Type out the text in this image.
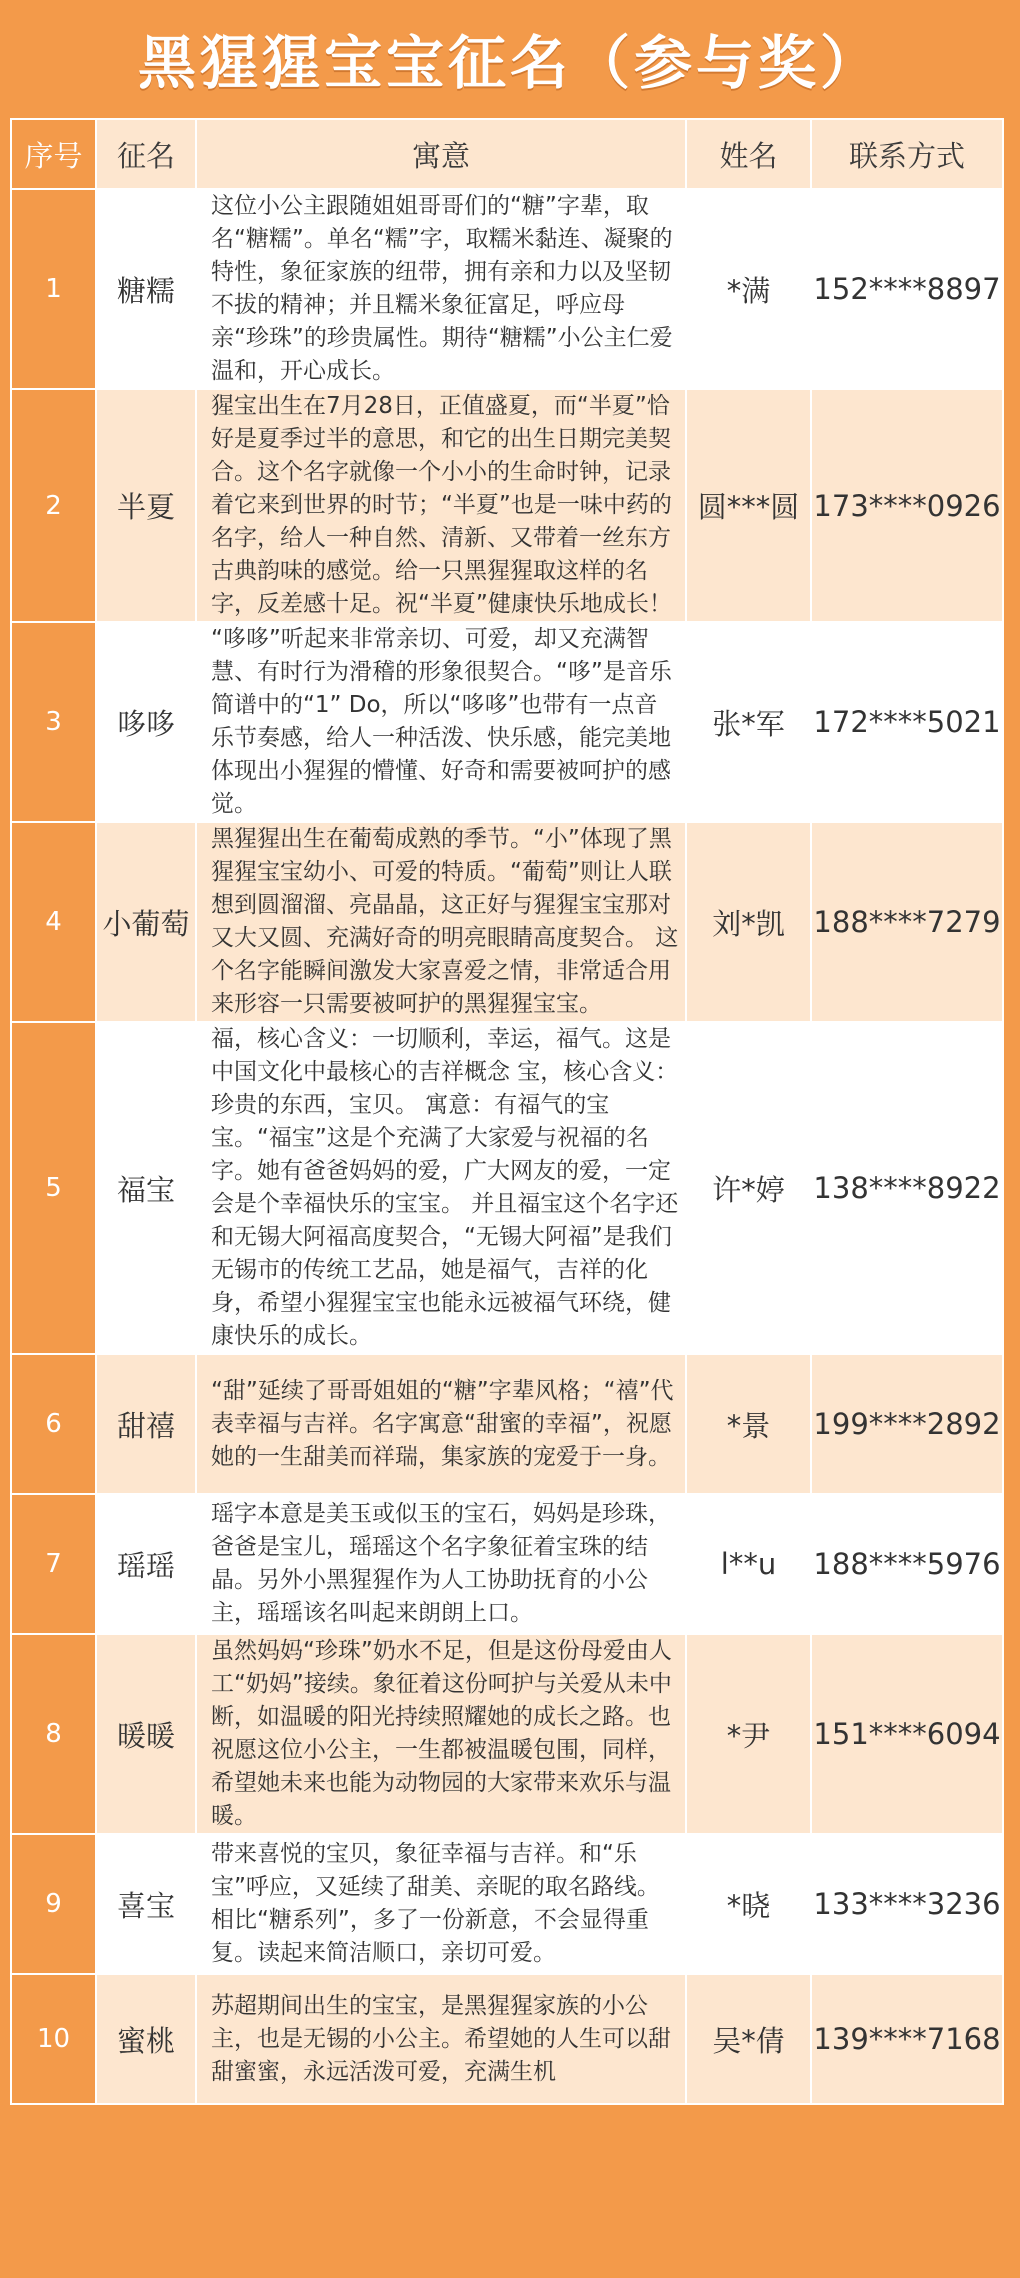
黑猩猩宝宝征名（参与奖）
序号	征名	寓意	姓名	联系方式
1	糖糯	这位小公主跟随姐姐哥哥们的“糖”字辈，取名“糖糯”。单名“糯”字，取糯米黏连、凝聚的特性，象征家族的纽带，拥有亲和力以及坚韧不拔的精神；并且糯米象征富足，呼应母亲“珍珠”的珍贵属性。期待“糖糯”小公主仁爱温和，开心成长。	*满	152****8897
2	半夏	猩宝出生在7月28日，正值盛夏，而“半夏”恰好是夏季过半的意思，和它的出生日期完美契合。这个名字就像一个小小的生命时钟，记录着它来到世界的时节；“半夏”也是一味中药的名字，给人一种自然、清新、又带着一丝东方古典韵味的感觉。给一只黑猩猩取这样的名字，反差感十足。祝“半夏”健康快乐地成长！	圆***圆	173****0926
3	哆哆	“哆哆”听起来非常亲切、可爱，却又充满智慧、有时行为滑稽的形象很契合。“哆”是音乐简谱中的“1” Do，所以“哆哆”也带有一点音乐节奏感，给人一种活泼、快乐感，能完美地体现出小猩猩的懵懂、好奇和需要被呵护的感觉。	张*军	172****5021
4	小葡萄	黑猩猩出生在葡萄成熟的季节。“小”体现了黑猩猩宝宝幼小、可爱的特质。“葡萄”则让人联想到圆溜溜、亮晶晶，这正好与猩猩宝宝那对又大又圆、充满好奇的明亮眼睛高度契合。 这个名字能瞬间激发大家喜爱之情，非常适合用来形容一只需要被呵护的黑猩猩宝宝。	刘*凯	188****7279
5	福宝	福，核心含义：一切顺利，幸运，福气。这是中国文化中最核心的吉祥概念 宝，核心含义：珍贵的东西，宝贝。 寓意：有福气的宝宝。“福宝”这是个充满了大家爱与祝福的名字。她有爸爸妈妈的爱，广大网友的爱，一定会是个幸福快乐的宝宝。 并且福宝这个名字还和无锡大阿福高度契合，“无锡大阿福”是我们无锡市的传统工艺品，她是福气，吉祥的化身，希望小猩猩宝宝也能永远被福气环绕，健康快乐的成长。	许*婷	138****8922
6	甜禧	“甜”延续了哥哥姐姐的“糖”字辈风格；“禧”代表幸福与吉祥。名字寓意“甜蜜的幸福”，祝愿她的一生甜美而祥瑞，集家族的宠爱于一身。	*景	199****2892
7	瑶瑶	瑶字本意是美玉或似玉的宝石，妈妈是珍珠，爸爸是宝儿，瑶瑶这个名字象征着宝珠的结晶。另外小黑猩猩作为人工协助抚育的小公主，瑶瑶该名叫起来朗朗上口。	l**u	188****5976
8	暖暖	虽然妈妈“珍珠”奶水不足，但是这份母爱由人工“奶妈”接续。象征着这份呵护与关爱从未中断，如温暖的阳光持续照耀她的成长之路。也祝愿这位小公主，一生都被温暖包围，同样，希望她未来也能为动物园的大家带来欢乐与温暖。	*尹	151****6094
9	喜宝	带来喜悦的宝贝，象征幸福与吉祥。和“乐宝”呼应，又延续了甜美、亲昵的取名路线。相比“糖系列”，多了一份新意，不会显得重复。读起来简洁顺口，亲切可爱。	*晓	133****3236
10	蜜桃	苏超期间出生的宝宝，是黑猩猩家族的小公主，也是无锡的小公主。希望她的人生可以甜甜蜜蜜，永远活泼可爱，充满生机	吴*倩	139****7168
